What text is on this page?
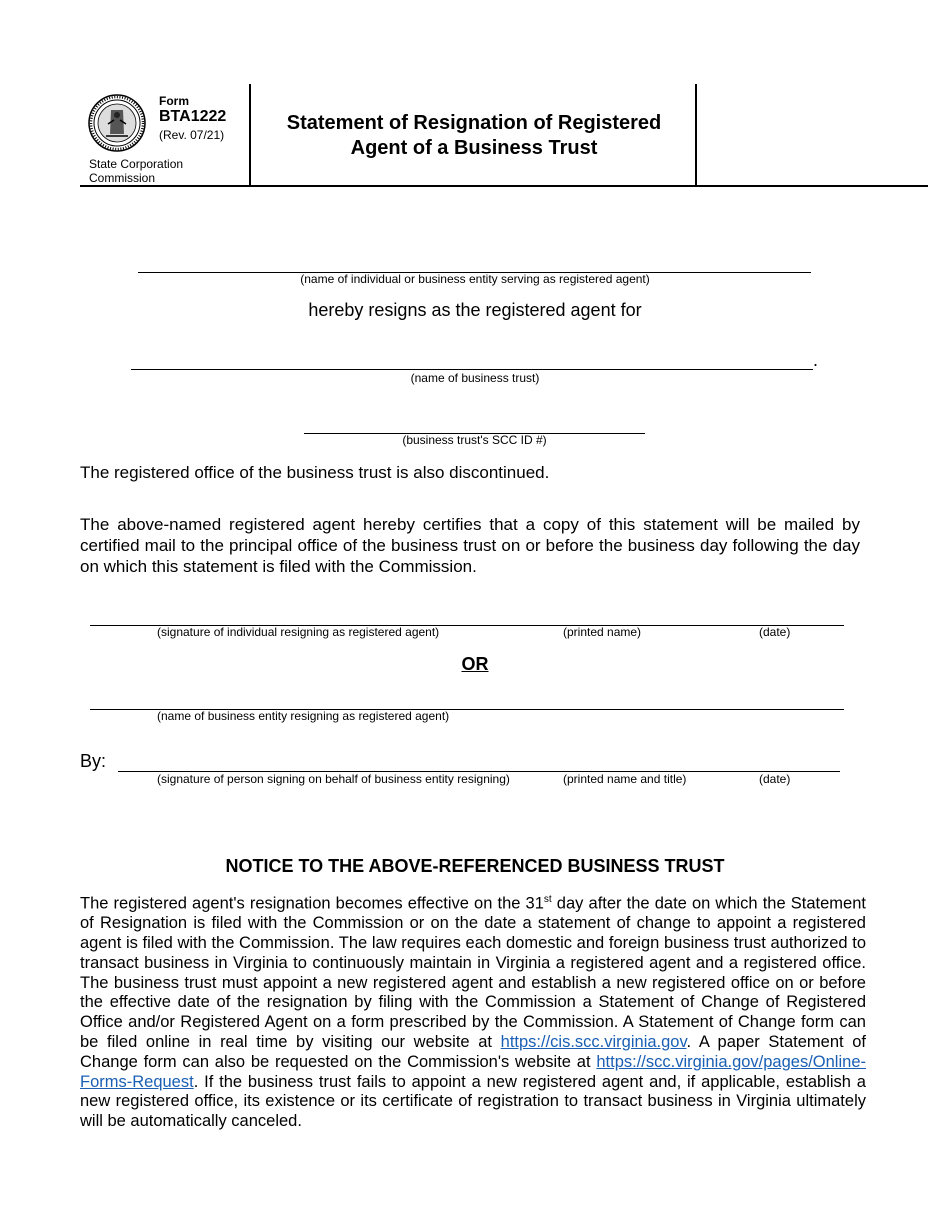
Form
BTA1222
(Rev. 07/21)
State Corporation
Commission
Statement of Resignation of Registered
Agent of a Business Trust
(name of individual or business entity serving as registered agent)
hereby resigns as the registered agent for
.
(name of business trust)
(business trust's SCC ID #)
The registered office of the business trust is also discontinued.
The above-named registered agent hereby certifies that a copy of this statement will be mailed by certified mail to the principal office of the business trust on or before the business day following the day on which this statement is filed with the Commission.
(signature of individual resigning as registered agent)	(printed name)	(date)
OR
(name of business entity resigning as registered agent)
By:
(signature of person signing on behalf of business entity resigning)	(printed name and title)	(date)
NOTICE TO THE ABOVE-REFERENCED BUSINESS TRUST
The registered agent's resignation becomes effective on the 31st day after the date on which the Statement of Resignation is filed with the Commission or on the date a statement of change to appoint a registered agent is filed with the Commission. The law requires each domestic and foreign business trust authorized to transact business in Virginia to continuously maintain in Virginia a registered agent and a registered office. The business trust must appoint a new registered agent and establish a new registered office on or before the effective date of the resignation by filing with the Commission a Statement of Change of Registered Office and/or Registered Agent on a form prescribed by the Commission. A Statement of Change form can be filed online in real time by visiting our website at https://cis.scc.virginia.gov. A paper Statement of Change form can also be requested on the Commission's website at https://scc.virginia.gov/pages/Online-Forms-Request. If the business trust fails to appoint a new registered agent and, if applicable, establish a new registered office, its existence or its certificate of registration to transact business in Virginia ultimately will be automatically canceled.
